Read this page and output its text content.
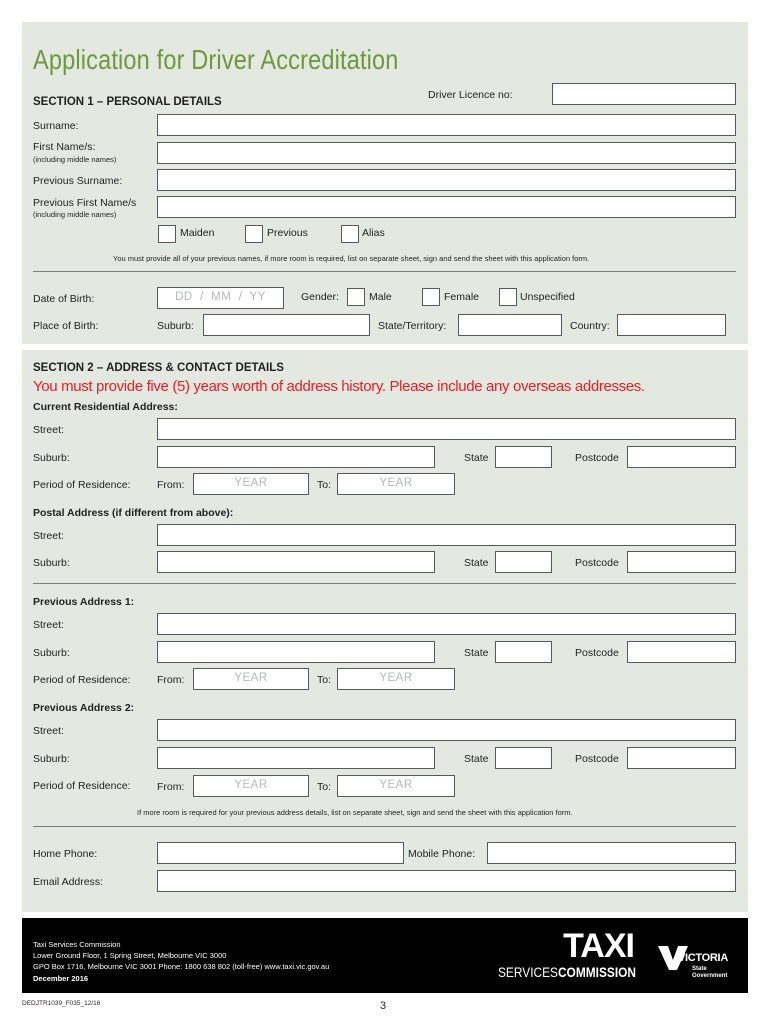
Application for Driver Accreditation
SECTION 1 – PERSONAL DETAILS
Driver Licence no:
Surname:
First Name/s:
(including middle names)
Previous Surname:
Previous First Name/s
(including middle names)
Maiden	Previous	Alias
You must provide all of your previous names, if more room is required, list on separate sheet, sign and send the sheet with this application form.
Date of Birth:	DD  /  MM  /  YY	Gender:	Male	Female	Unspecified
Place of Birth:	Suburb:	State/Territory:	Country:
SECTION 2 – ADDRESS & CONTACT DETAILS
You must provide five (5) years worth of address history. Please include any overseas addresses.
Current Residential Address:
Street:
Suburb:	State	Postcode
Period of Residence:	From:	YEAR	To:	YEAR
Postal Address (if different from above):
Street:
Suburb:	State	Postcode
Previous Address 1:
Street:
Suburb:	State	Postcode
Period of Residence:	From:	YEAR	To:	YEAR
Previous Address 2:
Street:
Suburb:	State	Postcode
Period of Residence:	From:	YEAR	To:	YEAR
If more room is required for your previous address details, list on separate sheet, sign and send the sheet with this application form.
Home Phone:	Mobile Phone:
Email Address:
Taxi Services Commission
Lower Ground Floor, 1 Spring Street, Melbourne VIC 3000
GPO Box 1716, Melbourne VIC 3001 Phone: 1800 638 802 (toll-free) www.taxi.vic.gov.au
December 2016
TAXI
SERVICESCOMMISSION
VICTORIA
State
Government
DEDJTR1039_F035_12/16	3
